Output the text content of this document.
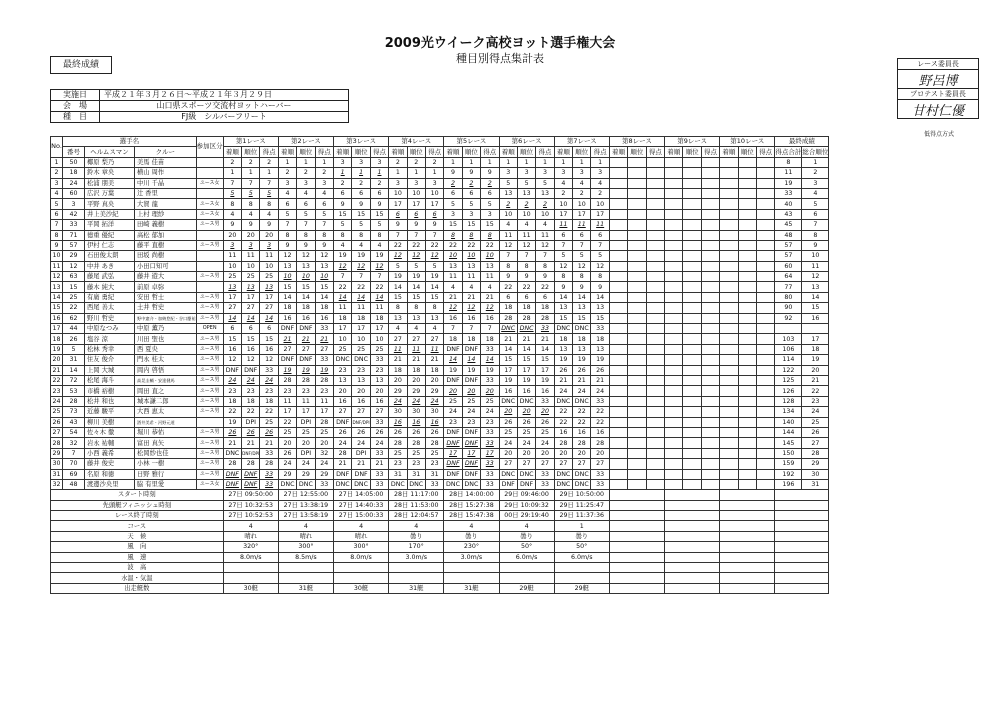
2009光ウイーク高校ヨット選手権大会
種目別得点集計表
最終成績	レース委員長
野呂博
プロテスト委員長
甘村仁優
実施日	平成２１年３月２６日～平成２１年３月２９日
会　場	山口県スポーツ交流村ヨットハーバー
種　目	FJ級　シルバーフリート
低得点方式
No.	選手名			参加区分	第1レース			第2レース			第3レース			第4レース			第5レース			第6レース			第7レース			第8レース			第9レース			第10レース			最終成績	
	番号	ヘルムスマン	クルー		着順	順位	得点	着順	順位	得点	着順	順位	得点	着順	順位	得点	着順	順位	得点	着順	順位	得点	着順	順位	得点	着順	順位	得点	着順	順位	得点	着順	順位	得点	得点合計	総合順位
1	50	椰原 梨乃	美馬 佳苗		2	2	2	1	1	1	3	3	3	2	2	2	1	1	1	1	1	1	1	1	1										8	1
2	18	鈴木 章央	横山 周作		1	1	1	2	2	2	1	1	1	1	1	1	9	9	9	3	3	3	3	3	3										11	2
3	24	松浦 朋美	中川 千晶	ユース女	7	7	7	3	3	3	2	2	2	3	3	3	2	2	2	5	5	5	4	4	4										19	3
4	60	広沢 万葉	辻 香里		5	5	5	4	4	4	6	6	6	10	10	10	6	6	6	13	13	13	2	2	2										33	4
5	3	平野 真央	大賀 龍	ユース女	8	8	8	6	6	6	9	9	9	17	17	17	5	5	5	2	2	2	10	10	10										40	5
6	42	井上美沙紀	上村 理紗	ユース女	4	4	4	5	5	5	15	15	15	6	6	6	3	3	3	10	10	10	17	17	17										43	6
7	33	平岡 拓洋	田崎 義樹	ユース男	9	9	9	7	7	7	5	5	5	9	9	9	15	15	15	4	4	4	11	11	11										45	7
8	71	德重 優紀	高松 郁加		20	20	20	8	8	8	8	8	8	7	7	7	8	8	8	11	11	11	6	6	6										48	8
9	57	伊村 仁志	藤平 直樹	ユース男	3	3	3	9	9	9	4	4	4	22	22	22	22	22	22	12	12	12	7	7	7										57	9
10	29	石田俊太朗	田坂 尚樹		11	11	11	12	12	12	19	19	19	12	12	12	10	10	10	7	7	7	5	5	5										57	10
11	12	中井 あき	小田口知可		10	10	10	13	13	13	12	12	12	5	5	5	13	13	13	8	8	8	12	12	12										60	11
12	63	藤尾 武弘	藤井 遊大	ユース男	25	25	25	10	10	10	7	7	7	19	19	19	11	11	11	9	9	9	8	8	8										64	12
13	15	藤木 純大	前原 卓弥		13	13	13	15	15	15	22	22	22	14	14	14	4	4	4	22	22	22	9	9	9										77	13
14	25	有廣 勇紀	安田 哲士	ユース男	17	17	17	14	14	14	14	14	14	15	15	15	21	21	21	6	6	6	14	14	14										80	14
15	22	西尾 善太	土井 哲史	ユース男	27	27	27	18	18	18	11	11	11	8	8	8	12	12	12	18	18	18	13	13	13										90	15
16	62	野川 哲史	野中憲介・加納悠紀・谷口慶祐	ユース男	14	14	14	16	16	16	18	18	18	13	13	13	16	16	16	28	28	28	15	15	15										92	16
17	44	中原なつみ	中原 薫乃	OPEN	6	6	6	DNF	DNF	33	17	17	17	4	4	4	7	7	7	DNC	DNC	33	DNC	DNC	33											
18	26	塩谷 涼	川田 聖也	ユース男	15	15	15	21	21	21	10	10	10	27	27	27	18	18	18	21	21	21	18	18	18										103	17
19	5	松林 秀幸	西 夏央	ユース男	16	16	16	27	27	27	25	25	25	11	11	11	DNF	DNF	33	14	14	14	13	13	13										106	18
20	31	住友 俊介	門永 桂太	ユース男	12	12	12	DNF	DNF	33	DNC	DNC	33	21	21	21	14	14	14	15	15	15	19	19	19										114	19
21	14	上岡 大城	岡内 啓悟	ユース男	DNF	DNF	33	19	19	19	23	23	23	18	18	18	19	19	19	17	17	17	26	26	26										122	20
22	72	松尾 海斗	高晃圭輔・安達健馬	ユース男	24	24	24	28	28	28	13	13	13	20	20	20	DNF	DNF	33	19	19	19	21	21	21										125	21
23	53	市橋 裕樹	岡田 直之	ユース男	23	23	23	23	23	23	20	20	20	29	29	29	20	20	20	16	16	16	24	24	24										126	22
24	28	松井 和也	城本謙二郎	ユース男	18	18	18	11	11	11	16	16	16	24	24	24	25	25	25	DNC	DNC	33	DNC	DNC	33										128	23
25	73	近藤 駿平	大西 恵太	ユース男	22	22	22	17	17	17	27	27	27	30	30	30	24	24	24	20	20	20	22	22	22										134	24
26	43	柳川 美樹	酒井美希・河野元道		19	DPI	25	22	DPI	28	DNF	DNF/DPI	33	16	16	16	23	23	23	26	26	26	22	22	22										140	25
27	54	佐々木 徹	堀川 恭佑	ユース男	26	26	26	25	25	25	26	26	26	26	26	26	DNF	DNF	33	25	25	25	16	16	16										144	26
28	32	岩永 祐輔	富田 真矢	ユース男	21	21	21	20	20	20	24	24	24	28	28	28	DNF	DNF	33	24	24	24	28	28	28										145	27
29	7	小西 義希	松岡紗也佳	ユース男	DNC	DNF/DPI	33	26	DPI	32	28	DPI	33	25	25	25	17	17	17	20	20	20	20	20	20										150	28
30	70	藤井 俊史	小林 一樹	ユース男	28	28	28	24	24	24	21	21	21	23	23	23	DNF	DNF	33	27	27	27	27	27	27										159	29
31	69	名原 和徳	日野 雅行	ユース男	DNF	DNF	33	29	29	29	DNF	DNF	33	31	31	31	DNF	DNF	33	DNC	DNC	33	DNC	DNC	33										192	30
32	48	渡邊沙央里	脇 有里愛	ユース女	DNF	DNF	33	DNC	DNC	33	DNC	DNC	33	DNC	DNC	33	DNC	DNC	33	DNF	DNF	33	DNC	DNC	33										196	31
スタート時刻					27日 09:50:00			27日 12:55:00			27日 14:05:00			28日 11:17:00			28日 14:00:00			29日 09:46:00			29日 10:50:00													
先頭艇フィニッシュ時刻					27日 10:32:53			27日 13:38:19			27日 14:40:33			28日 11:53:00			28日 15:27:38			29日 10:09:32			29日 11:25:47													
レース終了時刻					27日 10:52:53			27日 13:58:19			27日 15:00:33			28日 12:04:57			28日 15:47:38			00日 29:19:40			29日 11:37:36													
コース					4			4			4			4			4			4			1													
天　候					晴れ			晴れ			晴れ			曇り			曇り			曇り			曇り													
風　向					320°			300°			300°			170°			230°			50°			50°													
風　速					8.0m/s			8.5m/s			8.0m/s			3.0m/s			3.0m/s			6.0m/s			6.0m/s													
波　高																																				
水温・気温																																				
出走艇数					30艇			31艇			30艇			31艇			31艇			29艇			29艇													
